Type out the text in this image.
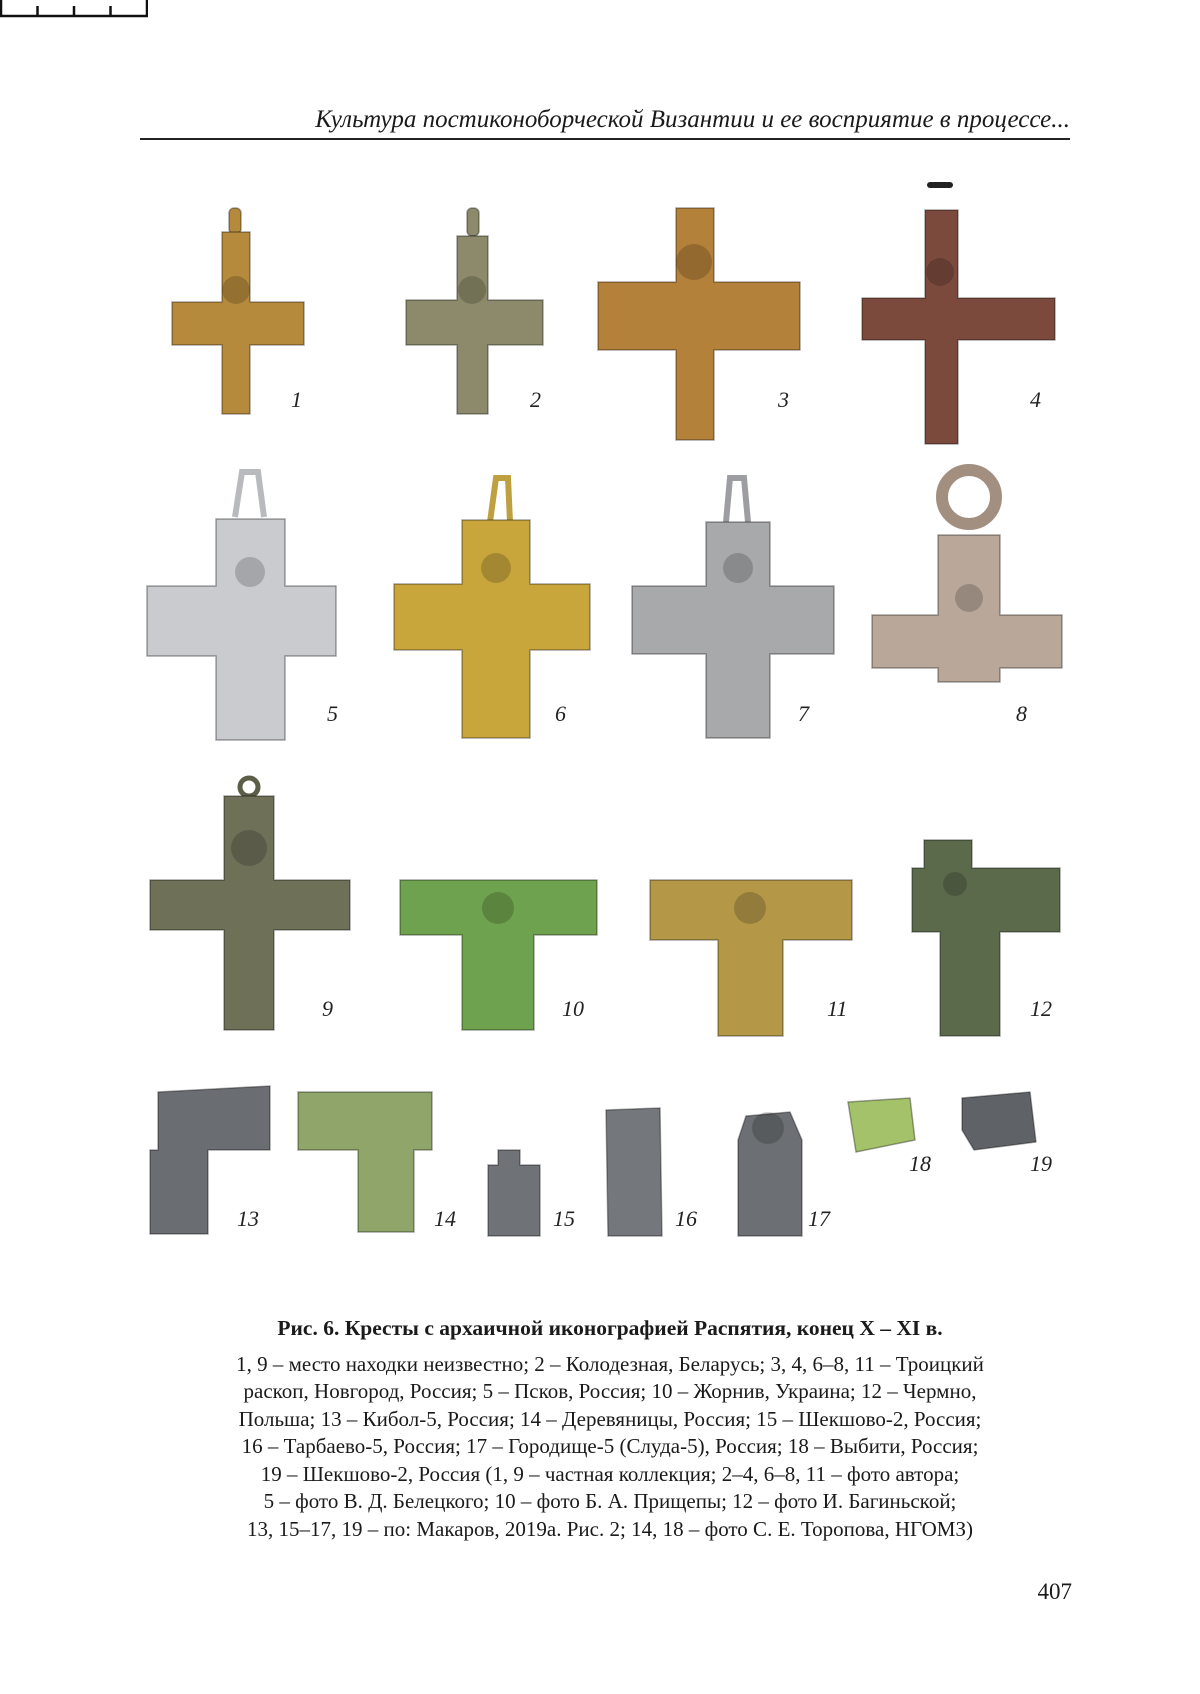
Культура постиконоборческой Византии и ее восприятие в процессе...
1	2	3	4
5	6	7	8
9	10	11	12
13	14	15	16	17
18	19
Рис. 6. Кресты с архаичной иконографией Распятия, конец X – XI в.
1, 9 – место находки неизвестно; 2 – Колодезная, Беларусь; 3, 4, 6–8, 11 – Троицкий
раскоп, Новгород, Россия; 5 – Псков, Россия; 10 – Жорнив, Украина; 12 – Чермно,
Польша; 13 – Кибол-5, Россия; 14 – Деревяницы, Россия; 15 – Шекшово-2, Россия;
16 – Тарбаево-5, Россия; 17 – Городище-5 (Слуда-5), Россия; 18 – Выбити, Россия;
19 – Шекшово-2, Россия (1, 9 – частная коллекция; 2–4, 6–8, 11 – фото автора;
5 – фото В. Д. Белецкого; 10 – фото Б. А. Прищепы; 12 – фото И. Багиньской;
13, 15–17, 19 – по: Макаров, 2019а. Рис. 2; 14, 18 – фото С. Е. Торопова, НГОМЗ)
407
